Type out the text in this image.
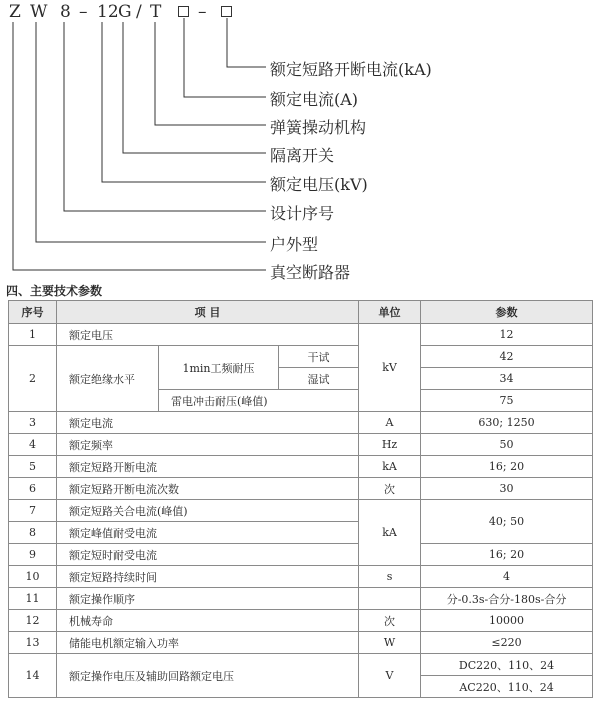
Z W 8 – 12 G / T –
额定短路开断电流(kA)
额定电流(A)
弹簧操动机构
隔离开关
额定电压(kV)
设计序号
户外型
真空断路器
四、主要技术参数
序号	项 目			单位	参数
1	额定电压			kV	12
2	额定绝缘水平	1min工频耐压	干试		42
			湿试		34
		雷电冲击耐压(峰值)			75
3	额定电流			A	630; 1250
4	额定频率			Hz	50
5	额定短路开断电流			kA	16; 20
6	额定短路开断电流次数			次	30
7	额定短路关合电流(峰值)			kA	40; 50
8	额定峰值耐受电流				
9	额定短时耐受电流				16; 20
10	额定短路持续时间			s	4
11	额定操作顺序				分-0.3s-合分-180s-合分
12	机械寿命			次	10000
13	储能电机额定输入功率			W	≤220
14	额定操作电压及辅助回路额定电压			V	DC220、110、24
					AC220、110、24
